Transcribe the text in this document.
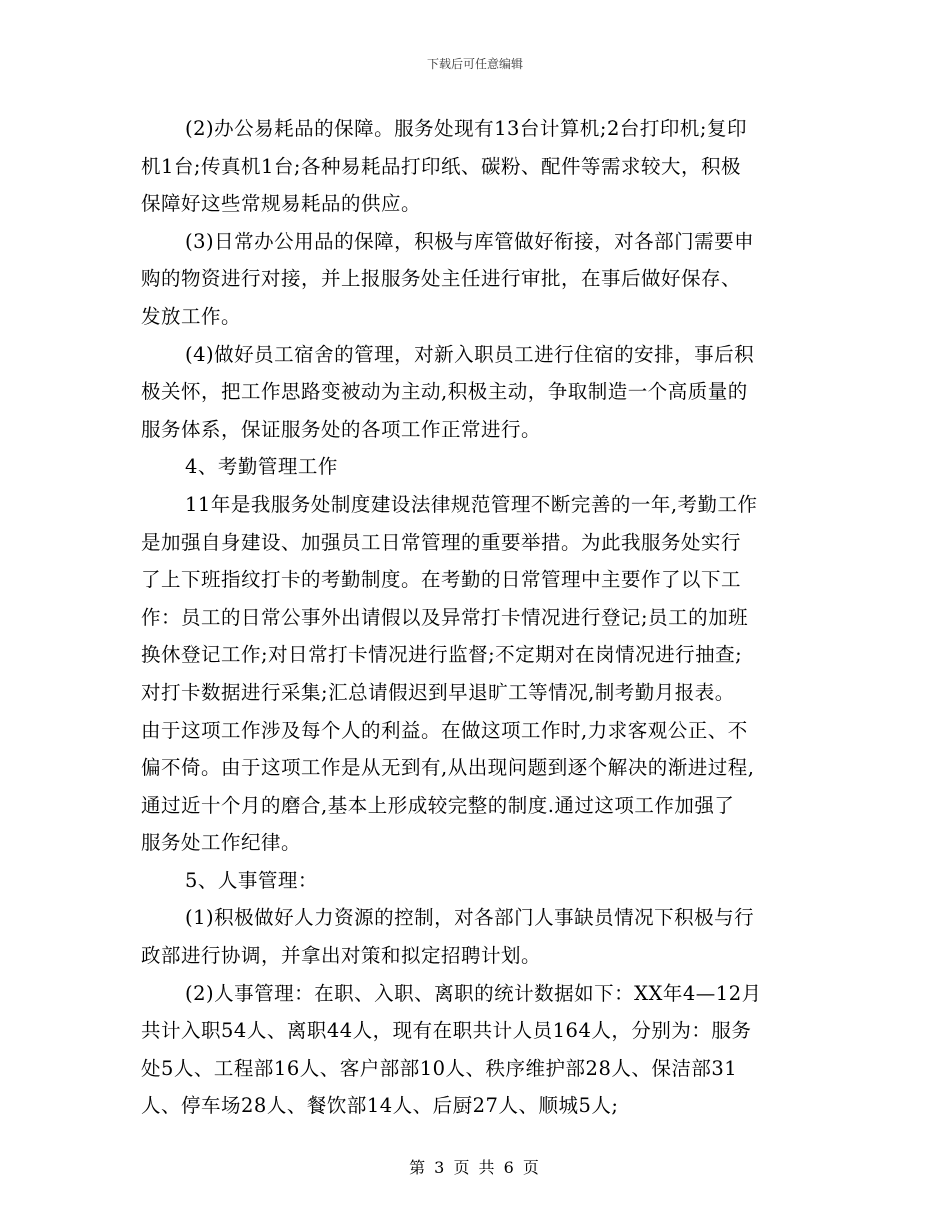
下载后可任意编辑
(2)办公易耗品的保障。服务处现有13台计算机;2台打印机;复印
机1台;传真机1台;各种易耗品打印纸、碳粉、配件等需求较大，积极
保障好这些常规易耗品的供应。
(3)日常办公用品的保障，积极与库管做好衔接，对各部门需要申
购的物资进行对接，并上报服务处主任进行审批，在事后做好保存、
发放工作。
(4)做好员工宿舍的管理，对新入职员工进行住宿的安排，事后积
极关怀，把工作思路变被动为主动,积极主动，争取制造一个高质量的
服务体系，保证服务处的各项工作正常进行。
4、考勤管理工作
11年是我服务处制度建设法律规范管理不断完善的一年,考勤工作
是加强自身建设、加强员工日常管理的重要举措。为此我服务处实行
了上下班指纹打卡的考勤制度。在考勤的日常管理中主要作了以下工
作：员工的日常公事外出请假以及异常打卡情况进行登记;员工的加班
换休登记工作;对日常打卡情况进行监督;不定期对在岗情况进行抽查;
对打卡数据进行采集;汇总请假迟到早退旷工等情况,制考勤月报表。
由于这项工作涉及每个人的利益。在做这项工作时,力求客观公正、不
偏不倚。由于这项工作是从无到有,从出现问题到逐个解决的渐进过程,
通过近十个月的磨合,基本上形成较完整的制度.通过这项工作加强了
服务处工作纪律。
5、人事管理：
(1)积极做好人力资源的控制，对各部门人事缺员情况下积极与行
政部进行协调，并拿出对策和拟定招聘计划。
(2)人事管理：在职、入职、离职的统计数据如下：XX年4—12月
共计入职54人、离职44人，现有在职共计人员164人，分别为：服务
处5人、工程部16人、客户部部10人、秩序维护部28人、保洁部31
人、停车场28人、餐饮部14人、后厨27人、顺城5人;
第 3 页 共 6 页
